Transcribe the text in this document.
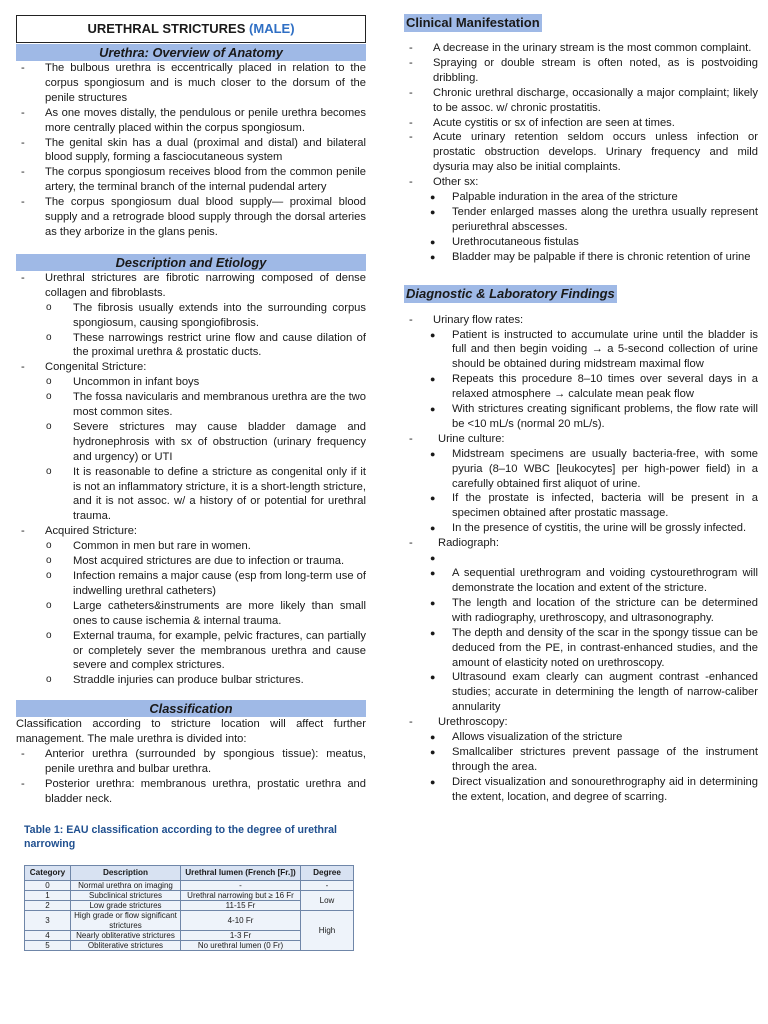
URETHRAL STRICTURES (MALE)
Urethra: Overview of Anatomy
- The bulbous urethra is eccentrically placed in relation to the corpus spongiosum and is much closer to the dorsum of the penile structures
- As one moves distally, the pendulous or penile urethra becomes more centrally placed within the corpus spongiosum.
- The genital skin has a dual (proximal and distal) and bilateral blood supply, forming a fasciocutaneous system
- The corpus spongiosum receives blood from the common penile artery, the terminal branch of the internal pudendal artery
- The corpus spongiosum dual blood supply— proximal blood supply and a retrograde blood supply through the dorsal arteries as they arborize in the glans penis.
Description and Etiology
- Urethral strictures are fibrotic narrowing composed of dense collagen and fibroblasts.
o The fibrosis usually extends into the surrounding corpus spongiosum, causing spongiofibrosis.
o These narrowings restrict urine flow and cause dilation of the proximal urethra & prostatic ducts.
- Congenital Stricture:
o Uncommon in infant boys
o The fossa navicularis and membranous urethra are the two most common sites.
o Severe strictures may cause bladder damage and hydronephrosis with sx of obstruction (urinary frequency and urgency) or UTI
o It is reasonable to define a stricture as congenital only if it is not an inflammatory stricture, it is a short-length stricture, and it is not assoc. w/ a history of or potential for urethral trauma.
- Acquired Stricture:
o Common in men but rare in women.
o Most acquired strictures are due to infection or trauma.
o Infection remains a major cause (esp from long-term use of indwelling urethral catheters)
o Large catheters&instruments are more likely than small ones to cause ischemia & internal trauma.
o External trauma, for example, pelvic fractures, can partially or completely sever the membranous urethra and cause severe and complex strictures.
o Straddle injuries can produce bulbar strictures.
Classification

Classification according to stricture location will affect further management. The male urethra is divided into:

- Anterior urethra (surrounded by spongious tissue): meatus, penile urethra and bulbar urethra.
- Posterior urethra: membranous urethra, prostatic urethra and bladder neck.
Table 1: EAU classification according to the degree of urethral narrowing
Category	Description	Urethral lumen (French [Fr.])	Degree
0	Normal urethra on imaging	-	-
1	Subclinical strictures	Urethral narrowing but ≥ 16 Fr	Low
2	Low grade strictures	11-15 Fr	
3	High grade or flow significant strictures	4-10 Fr	High
4	Nearly obliterative strictures	1-3 Fr	
5	Obliterative strictures	No urethral lumen (0 Fr)	
Clinical Manifestation
- A decrease in the urinary stream is the most common complaint.
- Spraying or double stream is often noted, as is postvoiding dribbling.
- Chronic urethral discharge, occasionally a major complaint; likely to be assoc. w/ chronic prostatitis.
- Acute cystitis or sx of infection are seen at times.
- Acute urinary retention seldom occurs unless infection or prostatic obstruction develops. Urinary frequency and mild dysuria may also be initial complaints.
- Other sx:
● Palpable induration in the area of the stricture
● Tender enlarged masses along the urethra usually represent periurethral abscesses.
● Urethrocutaneous fistulas
● Bladder may be palpable if there is chronic retention of urine
Diagnostic & Laboratory Findings
- Urinary flow rates:
● Patient is instructed to accumulate urine until the bladder is full and then begin voiding → a 5-second collection of urine should be obtained during midstream maximal flow
● Repeats this procedure 8–10 times over several days in a relaxed atmosphere → calculate mean peak flow
● With strictures creating significant problems, the flow rate will be <10 mL/s (normal 20 mL/s).
- Urine culture:
● Midstream specimens are usually bacteria-free, with some pyuria (8–10 WBC [leukocytes] per high-power field) in a carefully obtained first aliquot of urine.
● If the prostate is infected, bacteria will be present in a specimen obtained after prostatic massage.
● In the presence of cystitis, the urine will be grossly infected.
- Radiograph:
●
● A sequential urethrogram and voiding cystourethrogram will demonstrate the location and extent of the stricture.
● The length and location of the stricture can be determined with radiography, urethroscopy, and ultrasonography.
● The depth and density of the scar in the spongy tissue can be deduced from the PE, in contrast-enhanced studies, and the amount of elasticity noted on urethroscopy.
● Ultrasound exam clearly can augment contrast -enhanced studies; accurate in determining the length of narrow-caliber annularity
- Urethroscopy:
● Allows visualization of the stricture
● Smallcaliber strictures prevent passage of the instrument through the area.
● Direct visualization and sonourethrography aid in determining the extent, location, and degree of scarring.
